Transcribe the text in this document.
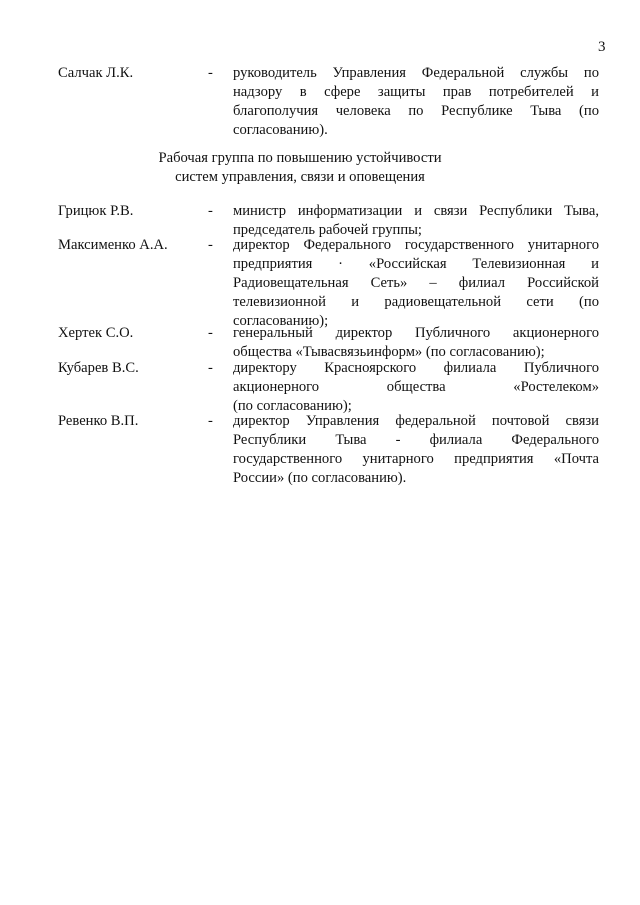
3
Салчак Л.К.	- руководитель Управления Федеральной службы по
надзору в сфере защиты прав потребителей и
благополучия человека по Республике Тыва (по
согласованию).
Рабочая группа по повышению устойчивости
систем управления, связи и оповещения
Грицюк Р.В.	- министр информатизации и связи Республики Тыва,
председатель рабочей группы;
Максименко А.А.	- директор Федерального государственного унитарного
предприятия · «Российская Телевизионная и
Радиовещательная Сеть» – филиал Российской
телевизионной и радиовещательной сети (по
согласованию);
Хертек С.О.	- генеральный директор Публичного акционерного
общества «Тывасвязьинформ» (по согласованию);
Кубарев В.С.	- директору Красноярского филиала Публичного
акционерного общества «Ростелеком»
(по согласованию);
Ревенко В.П.	- директор Управления федеральной почтовой связи
Республики Тыва - филиала Федерального
государственного унитарного предприятия «Почта
России» (по согласованию).
